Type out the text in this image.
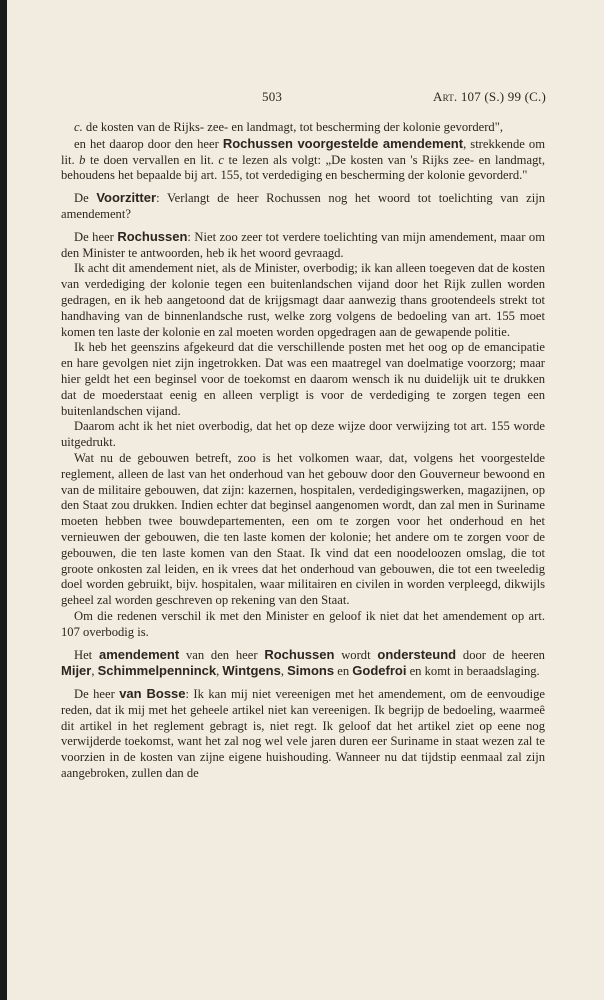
503	Art. 107 (S.) 99 (C.)

c. de kosten van de Rijks- zee- en landmagt, tot bescherming der kolonie gevorderd",

en het daarop door den heer Rochussen voorgestelde amendement, strekkende om lit. b te doen vervallen en lit. c te lezen als volgt: „De kosten van 's Rijks zee- en landmagt, behoudens het bepaalde bij art. 155, tot verdediging en bescherming der kolonie gevorderd."

De Voorzitter: Verlangt de heer Rochussen nog het woord tot toelichting van zijn amendement?

De heer Rochussen: Niet zoo zeer tot verdere toelichting van mijn amendement, maar om den Minister te antwoorden, heb ik het woord gevraagd.

Ik acht dit amendement niet, als de Minister, overbodig; ik kan alleen toegeven dat de kosten van verdediging der kolonie tegen een buitenlandschen vijand door het Rijk zullen worden gedragen, en ik heb aangetoond dat de krijgsmagt daar aanwezig thans grootendeels strekt tot handhaving van de binnenlandsche rust, welke zorg volgens de bedoeling van art. 155 moet komen ten laste der kolonie en zal moeten worden opgedragen aan de gewapende politie.

Ik heb het geenszins afgekeurd dat die verschillende posten met het oog op de emancipatie en hare gevolgen niet zijn ingetrokken. Dat was een maatregel van doelmatige voorzorg; maar hier geldt het een beginsel voor de toekomst en daarom wensch ik nu duidelijk uit te drukken dat de moederstaat eenig en alleen verpligt is voor de verdediging te zorgen tegen een buitenlandschen vijand.

Daarom acht ik het niet overbodig, dat het op deze wijze door verwijzing tot art. 155 worde uitgedrukt.

Wat nu de gebouwen betreft, zoo is het volkomen waar, dat, volgens het voorgestelde reglement, alleen de last van het onderhoud van het gebouw door den Gouverneur bewoond en van de militaire gebouwen, dat zijn: kazernen, hospitalen, verdedigingswerken, magazijnen, op den Staat zou drukken. Indien echter dat beginsel aangenomen wordt, dan zal men in Suriname moeten hebben twee bouwdepartementen, een om te zorgen voor het onderhoud en het vernieuwen der gebouwen, die ten laste komen der kolonie; het andere om te zorgen voor de gebouwen, die ten laste komen van den Staat. Ik vind dat een noodeloozen omslag, die tot groote onkosten zal leiden, en ik vrees dat het onderhoud van gebouwen, die tot een tweeledig doel worden gebruikt, bijv. hospitalen, waar militairen en civilen in worden verpleegd, dikwijls geheel zal worden geschreven op rekening van den Staat.

Om die redenen verschil ik met den Minister en geloof ik niet dat het amendement op art. 107 overbodig is.

Het amendement van den heer Rochussen wordt ondersteund door de heeren Mijer, Schimmelpenninck, Wintgens, Simons en Godefroi en komt in beraadslaging.

De heer van Bosse: Ik kan mij niet vereenigen met het amendement, om de eenvoudige reden, dat ik mij met het geheele artikel niet kan vereenigen. Ik begrijp de bedoeling, waarmeê dit artikel in het reglement gebragt is, niet regt. Ik geloof dat het artikel ziet op eene nog verwijderde toekomst, want het zal nog wel vele jaren duren eer Suriname in staat wezen zal te voorzien in de kosten van zijne eigene huishouding. Wanneer nu dat tijdstip eenmaal zal zijn aangebroken, zullen dan de
